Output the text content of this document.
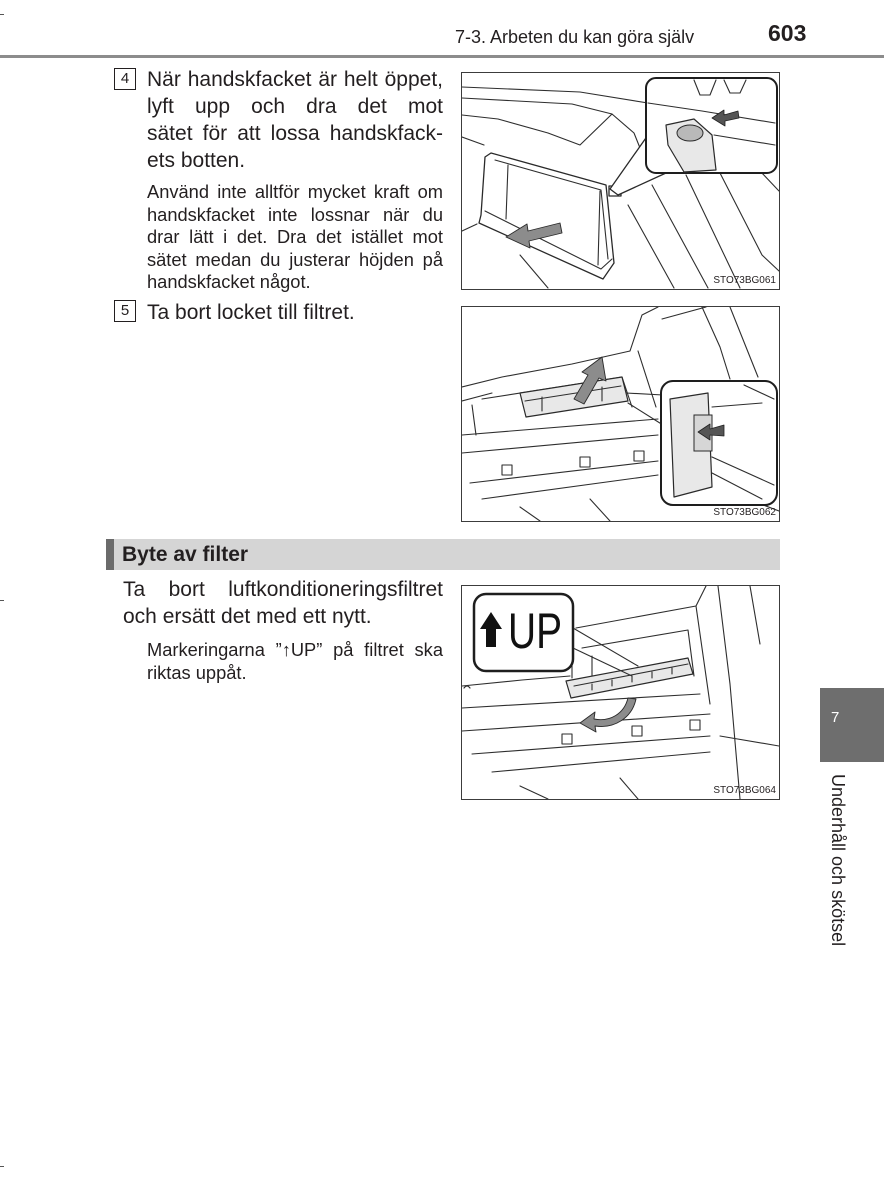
7-3. Arbeten du kan göra själv	603
4 När handskfacket är helt öppet,
lyft upp och dra det mot
sätet för att lossa handskfack-
ets botten.
Använd inte alltför mycket kraft om
handskfacket inte lossnar när du
drar lätt i det. Dra det istället mot
sätet medan du justerar höjden på
handskfacket något.
5 Ta bort locket till filtret.
STO73BG061
STO73BG062
Byte av filter
Ta bort luftkonditioneringsfiltret
och ersätt det med ett nytt.
Markeringarna ”↑UP” på filtret ska
riktas uppåt.
UP
STO73BG064
7
Underhåll och skötsel
